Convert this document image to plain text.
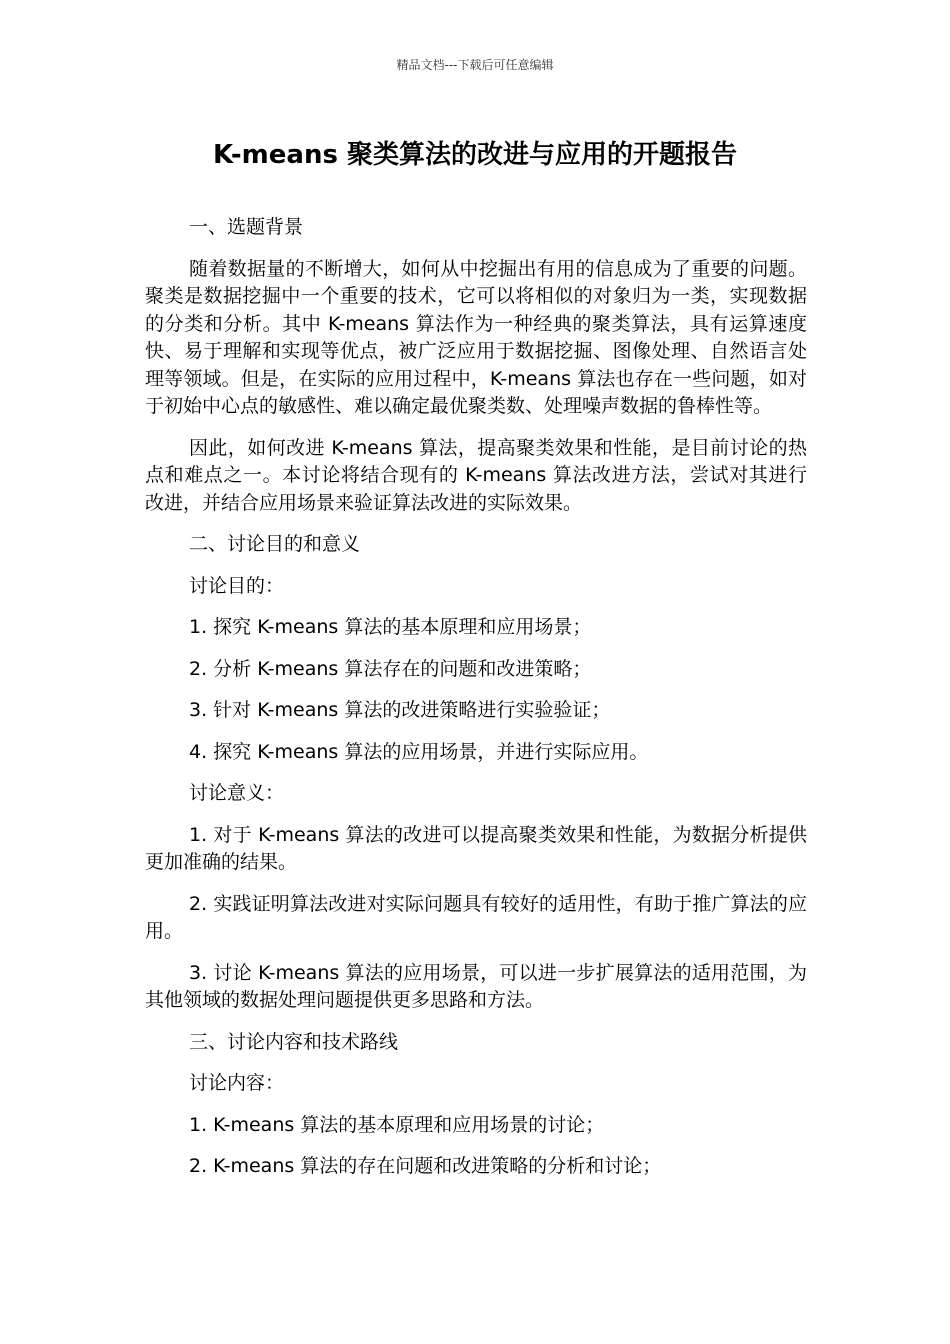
精品文档---下载后可任意编辑
K-means 聚类算法的改进与应用的开题报告

一、选题背景

随着数据量的不断增大，如何从中挖掘出有用的信息成为了重要的问题。聚类是数据挖掘中一个重要的技术，它可以将相似的对象归为一类，实现数据的分类和分析。其中 K-means 算法作为一种经典的聚类算法，具有运算速度快、易于理解和实现等优点，被广泛应用于数据挖掘、图像处理、自然语言处理等领域。但是，在实际的应用过程中，K-means 算法也存在一些问题，如对于初始中心点的敏感性、难以确定最优聚类数、处理噪声数据的鲁棒性等。

因此，如何改进 K-means 算法，提高聚类效果和性能，是目前讨论的热点和难点之一。本讨论将结合现有的 K-means 算法改进方法，尝试对其进行改进，并结合应用场景来验证算法改进的实际效果。

二、讨论目的和意义

讨论目的：

1. 探究 K-means 算法的基本原理和应用场景；

2. 分析 K-means 算法存在的问题和改进策略；

3. 针对 K-means 算法的改进策略进行实验验证；

4. 探究 K-means 算法的应用场景，并进行实际应用。

讨论意义：

1. 对于 K-means 算法的改进可以提高聚类效果和性能，为数据分析提供更加准确的结果。

2. 实践证明算法改进对实际问题具有较好的适用性，有助于推广算法的应用。

3. 讨论 K-means 算法的应用场景，可以进一步扩展算法的适用范围，为其他领域的数据处理问题提供更多思路和方法。

三、讨论内容和技术路线

讨论内容：

1. K-means 算法的基本原理和应用场景的讨论；

2. K-means 算法的存在问题和改进策略的分析和讨论；
